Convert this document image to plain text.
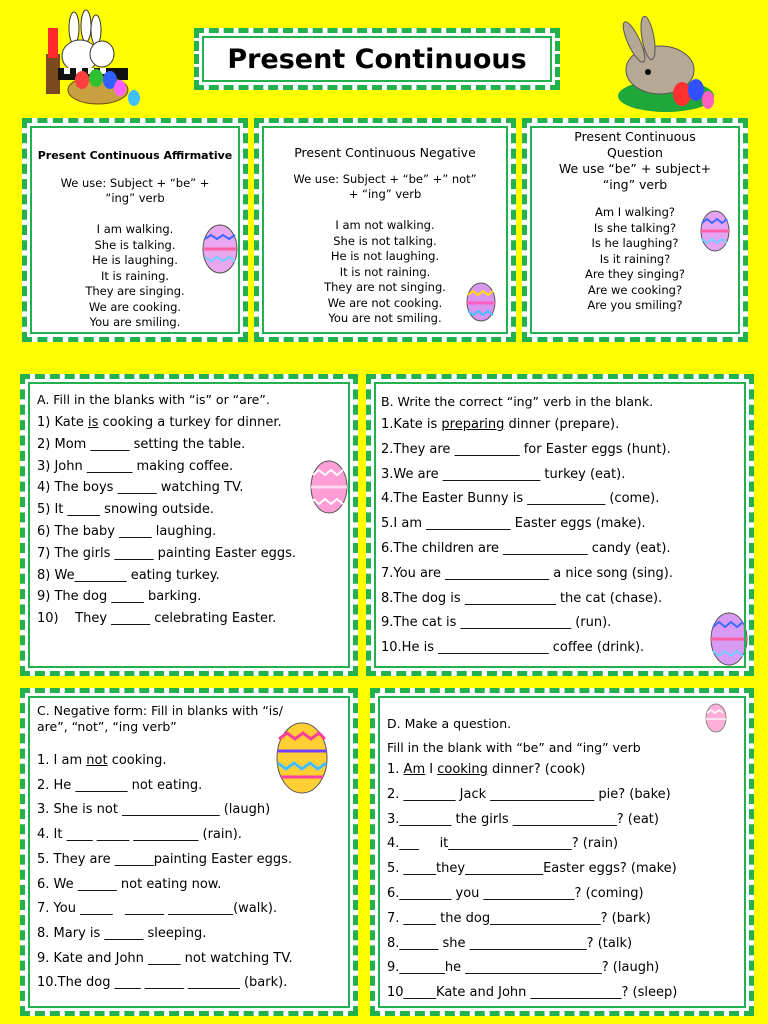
Present Continuous
Present Continuous Affirmative
We use: Subject + “be” + “ing” verb
I am walking.
She is talking.
He is laughing.
It is raining.
They are singing.
We are cooking.
You are smiling.
Present Continuous Negative
We use: Subject + “be” +” not” + “ing” verb
I am not walking.
She is not talking.
He is not laughing.
It is not raining.
They are not singing.
We are not cooking.
You are not smiling.
Present Continuous Question
We use “be” + subject+ “ing” verb
Am I walking?
Is she talking?
Is he laughing?
Is it raining?
Are they singing?
Are we cooking?
Are you smiling?
A. Fill in the blanks with “is” or “are”.
1) Kate is cooking a turkey for dinner.
2) Mom ______ setting the table.
3) John _______ making coffee.
4) The boys ______ watching TV.
5) It _____ snowing outside.
6) The baby _____ laughing.
7) The girls ______ painting Easter eggs.
8) We________ eating turkey.
9) The dog _____ barking.
10)    They ______ celebrating Easter.
B. Write the correct “ing” verb in the blank.
1.Kate is preparing dinner (prepare).
2.They are __________ for Easter eggs (hunt).
3.We are _______________ turkey (eat).
4.The Easter Bunny is ____________ (come).
5.I am _____________ Easter eggs (make).
6.The children are _____________ candy (eat).
7.You are ________________ a nice song (sing).
8.The dog is ______________ the cat (chase).
9.The cat is _________________ (run).
10.He is _________________ coffee (drink).
C. Negative form: Fill in blanks with “is/ are”, “not”, “ing verb”
1. I am not cooking.
2. He ________ not eating.
3. She is not _______________ (laugh)
4. It ____ _____ __________ (rain).
5. They are ______painting Easter eggs.
6. We ______ not eating now.
7. You _____   ______ __________(walk).
8. Mary is ______ sleeping.
9. Kate and John _____ not watching TV.
10.The dog ____ ______ ________ (bark).
D. Make a question.
Fill in the blank with “be” and “ing” verb
1. Am I cooking dinner? (cook)
2. ________ Jack ________________ pie? (bake)
3.________ the girls ________________? (eat)
4.___     it___________________? (rain)
5. _____they____________Easter eggs? (make)
6.________ you ______________? (coming)
7. _____ the dog_________________? (bark)
8.______ she __________________? (talk)
9._______he _____________________? (laugh)
10_____Kate and John ______________? (sleep)
